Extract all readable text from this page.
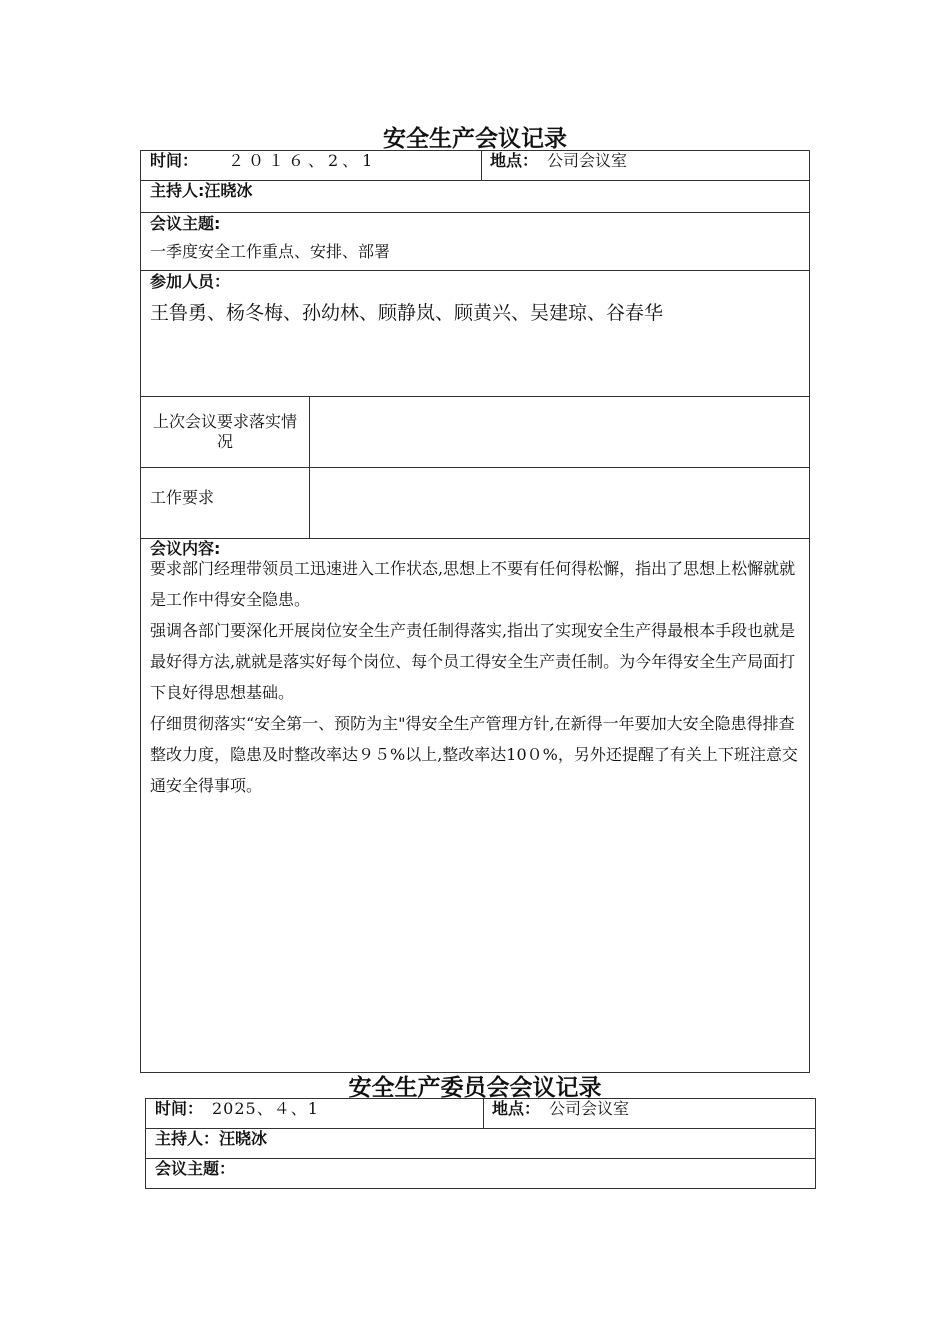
安全生产会议记录
时间： ２０１６、2、1	地点： 公司会议室
主持人:汪晓冰
会议主题:
一季度安全工作重点、安排、部署
参加人员：
王鲁勇、杨冬梅、孙幼林、顾静岚、顾黄兴、吴建琼、谷春华
上次会议要求落实情况
工作要求
会议内容:
要求部门经理带领员工迅速进入工作状态,思想上不要有任何得松懈，指出了思想上松懈就就是工作中得安全隐患。
强调各部门要深化开展岗位安全生产责任制得落实,指出了实现安全生产得最根本手段也就是最好得方法,就就是落实好每个岗位、每个员工得安全生产责任制。为今年得安全生产局面打下良好得思想基础。
仔细贯彻落实“安全第一、预防为主"得安全生产管理方针,在新得一年要加大安全隐患得排查整改力度，隐患及时整改率达９５%以上,整改率达10０%，另外还提醒了有关上下班注意交通安全得事项。
安全生产委员会会议记录
时间： 2025、４、1	地点： 公司会议室
主持人：汪晓冰
会议主题：
